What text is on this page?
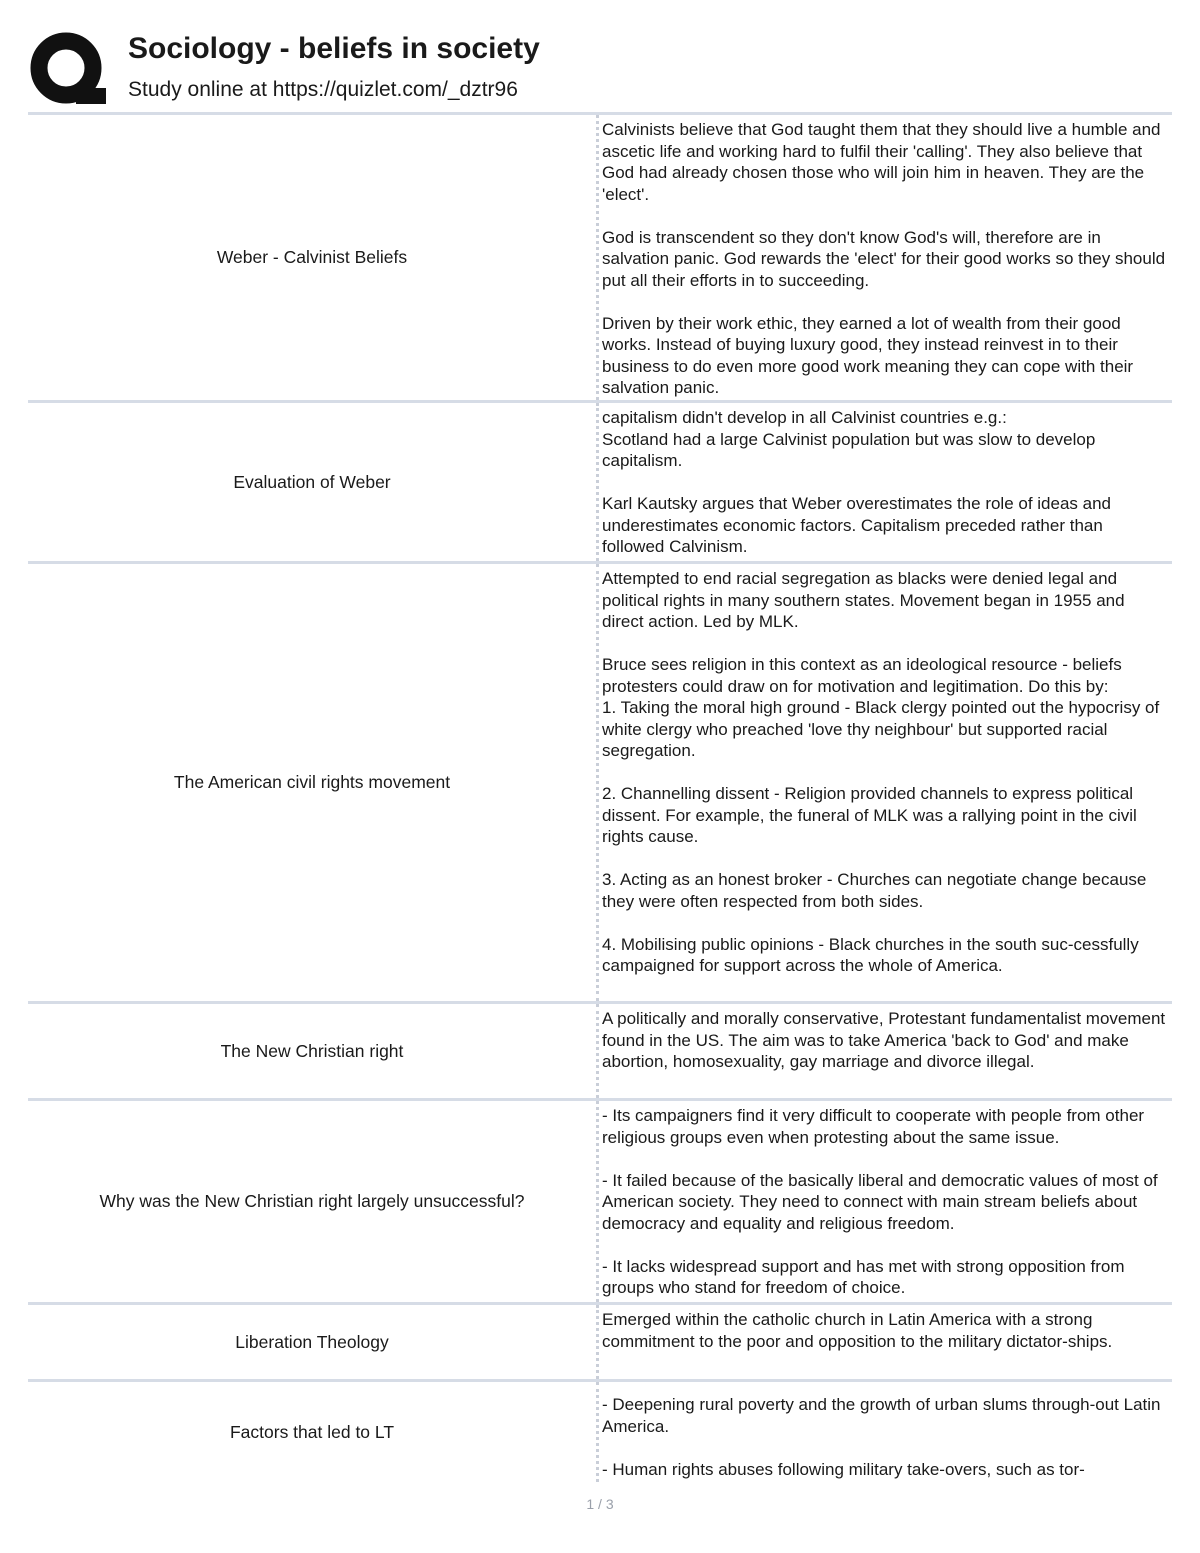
Sociology - beliefs in society
Study online at https://quizlet.com/_dztr96
Weber - Calvinist Beliefs

Calvinists believe that God taught them that they should live a humble and ascetic life and working hard to fulfil their 'calling'. They also believe that God had already chosen those who will join him in heaven. They are the 'elect'.

God is transcendent so they don't know God's will, therefore are in salvation panic. God rewards the 'elect' for their good works so they should put all their efforts in to succeeding.

Driven by their work ethic, they earned a lot of wealth from their good works. Instead of buying luxury good, they instead reinvest in to their business to do even more good work meaning they can cope with their salvation panic.

Evaluation of Weber

capitalism didn't develop in all Calvinist countries e.g.:
Scotland had a large Calvinist population but was slow to develop capitalism.

Karl Kautsky argues that Weber overestimates the role of ideas and underestimates economic factors. Capitalism preceded rather than followed Calvinism.

The American civil rights movement

Attempted to end racial segregation as blacks were denied legal and political rights in many southern states. Movement began in 1955 and direct action. Led by MLK.

Bruce sees religion in this context as an ideological resource - beliefs protesters could draw on for motivation and legitimation. Do this by:
1. Taking the moral high ground - Black clergy pointed out the hypocrisy of white clergy who preached 'love thy neighbour' but supported racial segregation.

2. Channelling dissent - Religion provided channels to express political dissent. For example, the funeral of MLK was a rallying point in the civil rights cause.

3. Acting as an honest broker - Churches can negotiate change because they were often respected from both sides.

4. Mobilising public opinions - Black churches in the south suc-cessfully campaigned for support across the whole of America.

The New Christian right

A politically and morally conservative, Protestant fundamentalist movement found in the US. The aim was to take America 'back to God' and make abortion, homosexuality, gay marriage and divorce illegal.

Why was the New Christian right largely unsuccessful?

- Its campaigners find it very difficult to cooperate with people from other religious groups even when protesting about the same issue.

- It failed because of the basically liberal and democratic values of most of American society. They need to connect with main stream beliefs about democracy and equality and religious freedom.

- It lacks widespread support and has met with strong opposition from groups who stand for freedom of choice.

Liberation Theology

Emerged within the catholic church in Latin America with a strong commitment to the poor and opposition to the military dictator-ships.

Factors that led to LT

- Deepening rural poverty and the growth of urban slums through-out Latin America.

- Human rights abuses following military take-overs, such as tor-

1 / 3
